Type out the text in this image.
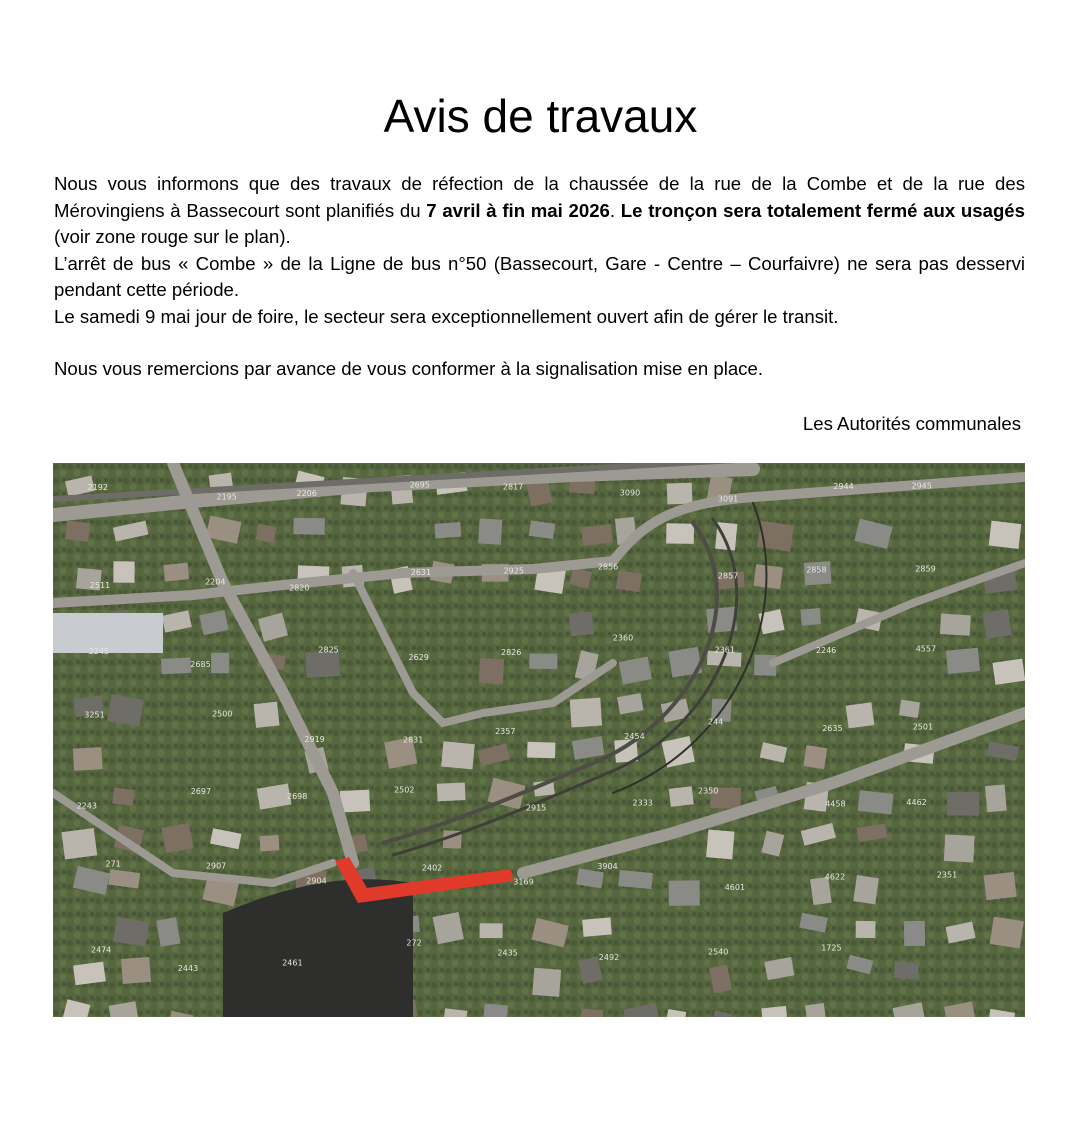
Avis de travaux

Nous vous informons que des travaux de réfection de la chaussée de la rue de la Combe et de la rue des Mérovingiens à Bassecourt sont planifiés du 7 avril à fin mai 2026. Le tronçon sera totalement fermé aux usagés (voir zone rouge sur le plan).

L’arrêt de bus « Combe » de la Ligne de bus n°50 (Bassecourt, Gare - Centre – Courfaivre) ne sera pas desservi pendant cette période.

Le samedi 9 mai jour de foire, le secteur sera exceptionnellement ouvert afin de gérer le transit.

Nous vous remercions par avance de vous conformer à la signalisation mise en place.

Les Autorités communales
2192
2195	2206
2695	2817
3090
3091
2944	2945
2511	2204
2820
2631	2925	2856
2857
2858	2859
2245
2685
2825
2629
2826
2360
2361	2246	4557
3251	2500
2919	2831
2357
2454
244
2635	2501
2243
2697
2698
2502
2915
2333
2350
4458	4462
271	2907
2904
2402
3169
3904
4601
4622	2351
2474
2443
2461
272
2435	2492
2540	1725
